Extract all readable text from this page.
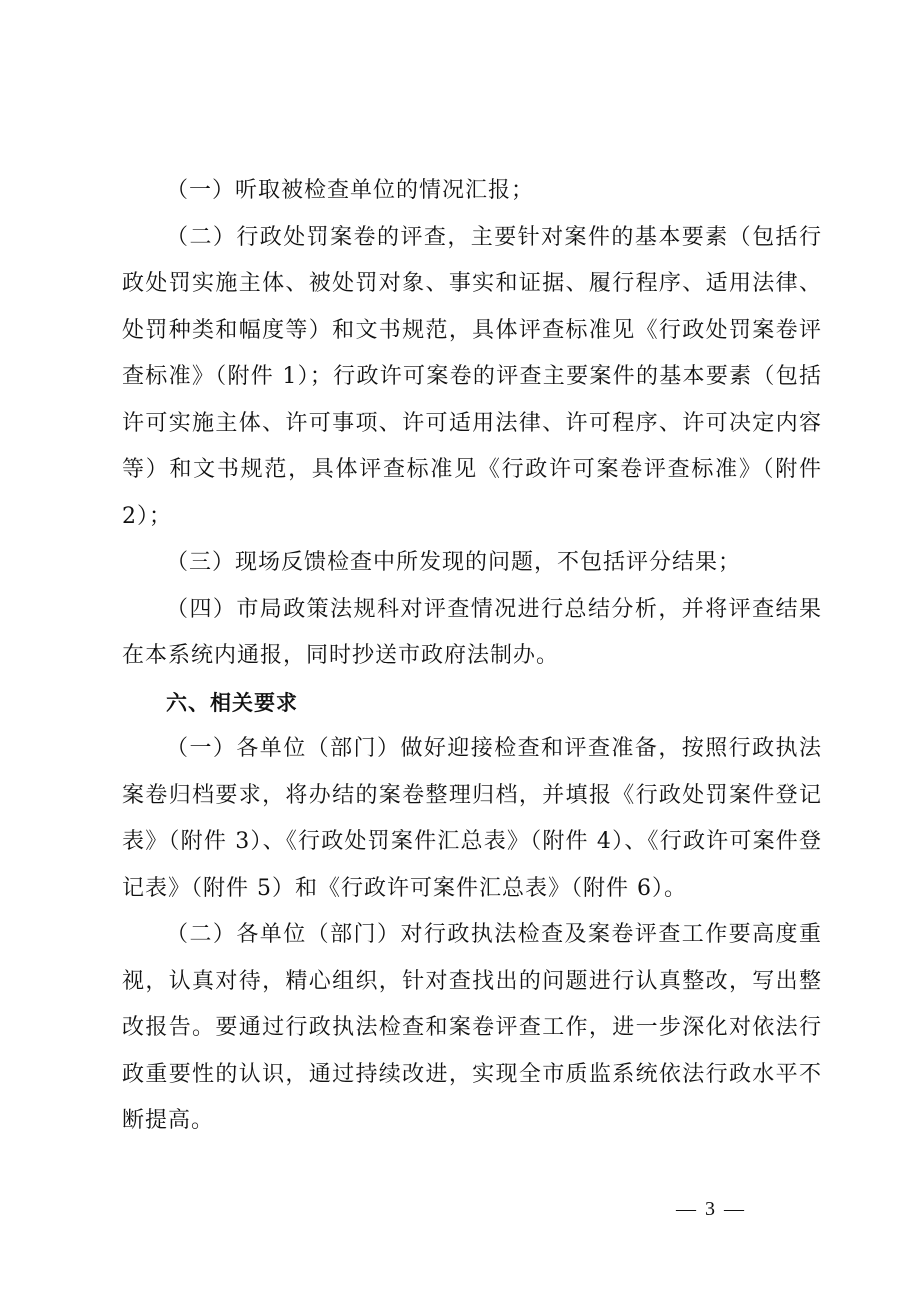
（一）听取被检查单位的情况汇报；

（二）行政处罚案卷的评查，主要针对案件的基本要素（包括行政处罚实施主体、被处罚对象、事实和证据、履行程序、适用法律、处罚种类和幅度等）和文书规范，具体评查标准见《行政处罚案卷评查标准》（附件 1）；行政许可案卷的评查主要案件的基本要素（包括许可实施主体、许可事项、许可适用法律、许可程序、许可决定内容等）和文书规范，具体评查标准见《行政许可案卷评查标准》（附件 2）；

（三）现场反馈检查中所发现的问题，不包括评分结果；

（四）市局政策法规科对评查情况进行总结分析，并将评查结果在本系统内通报，同时抄送市政府法制办。

六、相关要求

（一）各单位（部门）做好迎接检查和评查准备，按照行政执法案卷归档要求，将办结的案卷整理归档，并填报《行政处罚案件登记表》（附件 3）、《行政处罚案件汇总表》（附件 4）、《行政许可案件登记表》（附件 5）和《行政许可案件汇总表》（附件 6）。

（二）各单位（部门）对行政执法检查及案卷评查工作要高度重视，认真对待，精心组织，针对查找出的问题进行认真整改，写出整改报告。要通过行政执法检查和案卷评查工作，进一步深化对依法行政重要性的认识，通过持续改进，实现全市质监系统依法行政水平不断提高。

— 3 —
